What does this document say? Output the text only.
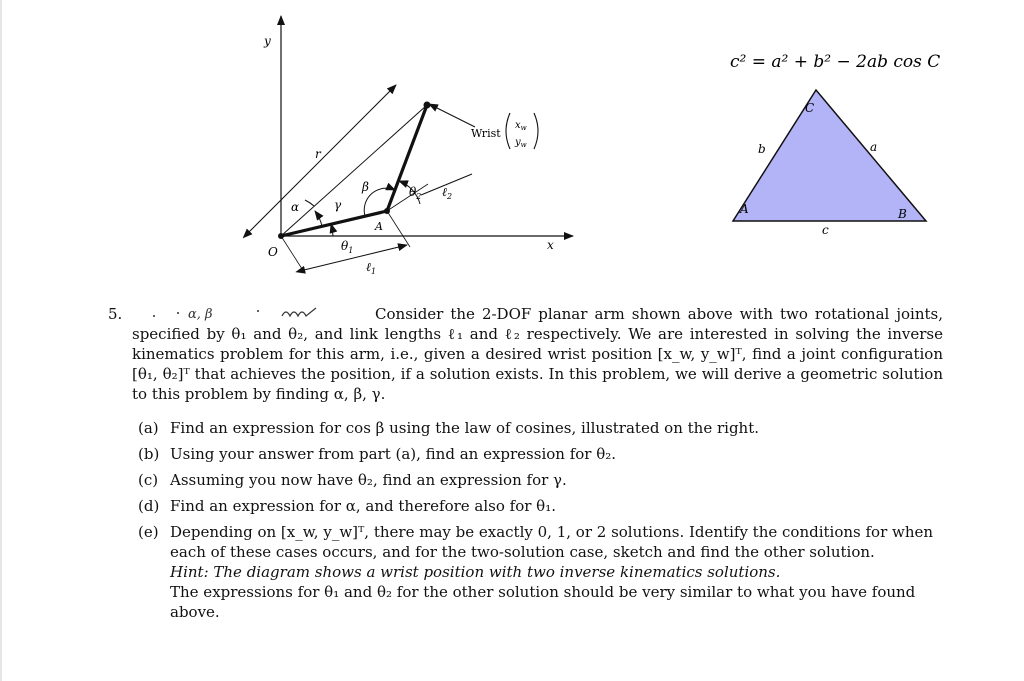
y
x
O
r
α	γ
β
A
$\theta_1$
ℓ$_1$
$\theta_2$ ℓ$_2$
Wrist
$x_w$
$y_w$
c² = a² + b² − 2ab cos C
A	B
C
a
b
c
5.	α, β	Consider the 2-DOF planar arm shown above with two rotational joints, specified by θ₁ and θ₂, and link lengths ℓ₁ and ℓ₂ respectively. We are interested in solving the inverse kinematics problem for this arm, i.e., given a desired wrist position [x_w, y_w]ᵀ, find a joint configuration [θ₁, θ₂]ᵀ that achieves the position, if a solution exists. In this problem, we will derive a geometric solution to this problem by finding α, β, γ.
(a) Find an expression for cos β using the law of cosines, illustrated on the right.
(b) Using your answer from part (a), find an expression for θ₂.
(c) Assuming you now have θ₂, find an expression for γ.
(d) Find an expression for α, and therefore also for θ₁.
(e) Depending on [x_w, y_w]ᵀ, there may be exactly 0, 1, or 2 solutions. Identify the conditions for when each of these cases occurs, and for the two-solution case, sketch and find the other solution.
Hint: The diagram shows a wrist position with two inverse kinematics solutions.
The expressions for θ₁ and θ₂ for the other solution should be very similar to what you have found above.
